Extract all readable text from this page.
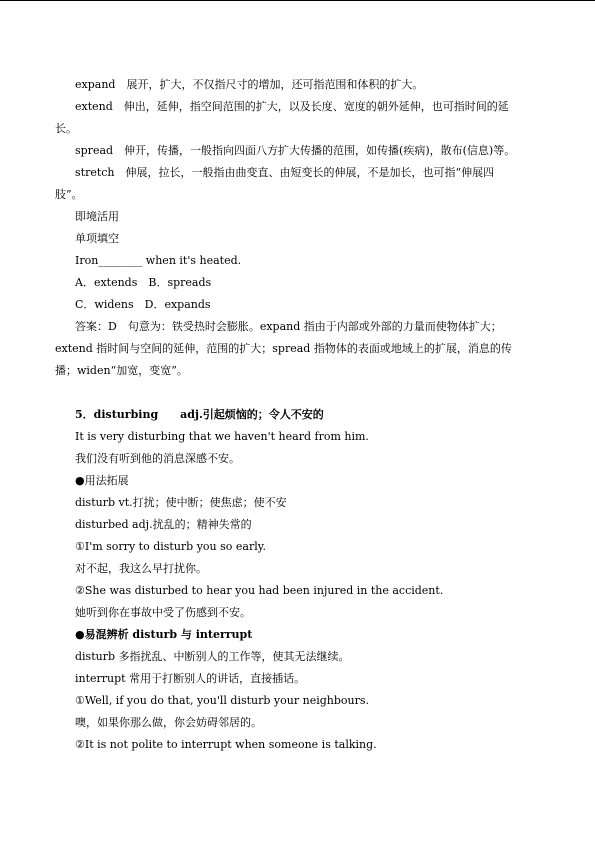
expand　展开，扩大，不仅指尺寸的增加，还可指范围和体积的扩大。
extend　伸出，延伸，指空间范围的扩大，以及长度、宽度的朝外延伸，也可指时间的延
长。
spread　伸开，传播，一般指向四面八方扩大传播的范围，如传播(疾病)，散布(信息)等。
stretch　伸展，拉长，一般指由曲变直、由短变长的伸展，不是加长，也可指“伸展四
肢”。
即境活用
单项填空
Iron________ when it's heated.
A．extends　B．spreads
C．widens　D．expands
答案：D　句意为：铁受热时会膨胀。expand 指由于内部或外部的力量而使物体扩大；
extend 指时间与空间的延伸，范围的扩大；spread 指物体的表面或地域上的扩展，消息的传
播；widen“加宽，变宽”。
5．disturbing　　adj.引起烦恼的；令人不安的
It is very disturbing that we haven't heard from him.
我们没有听到他的消息深感不安。
●用法拓展
disturb vt.打扰；使中断；使焦虑；使不安
disturbed adj.扰乱的；精神失常的
①I'm sorry to disturb you so early.
对不起，我这么早打扰你。
②She was disturbed to hear you had been injured in the accident.
她听到你在事故中受了伤感到不安。
●易混辨析 disturb 与 interrupt
disturb 多指扰乱、中断别人的工作等，使其无法继续。
interrupt 常用于打断别人的讲话，直接插话。
①Well, if you do that, you'll disturb your neighbours.
噢，如果你那么做，你会妨碍邻居的。
②It is not polite to interrupt when someone is talking.
